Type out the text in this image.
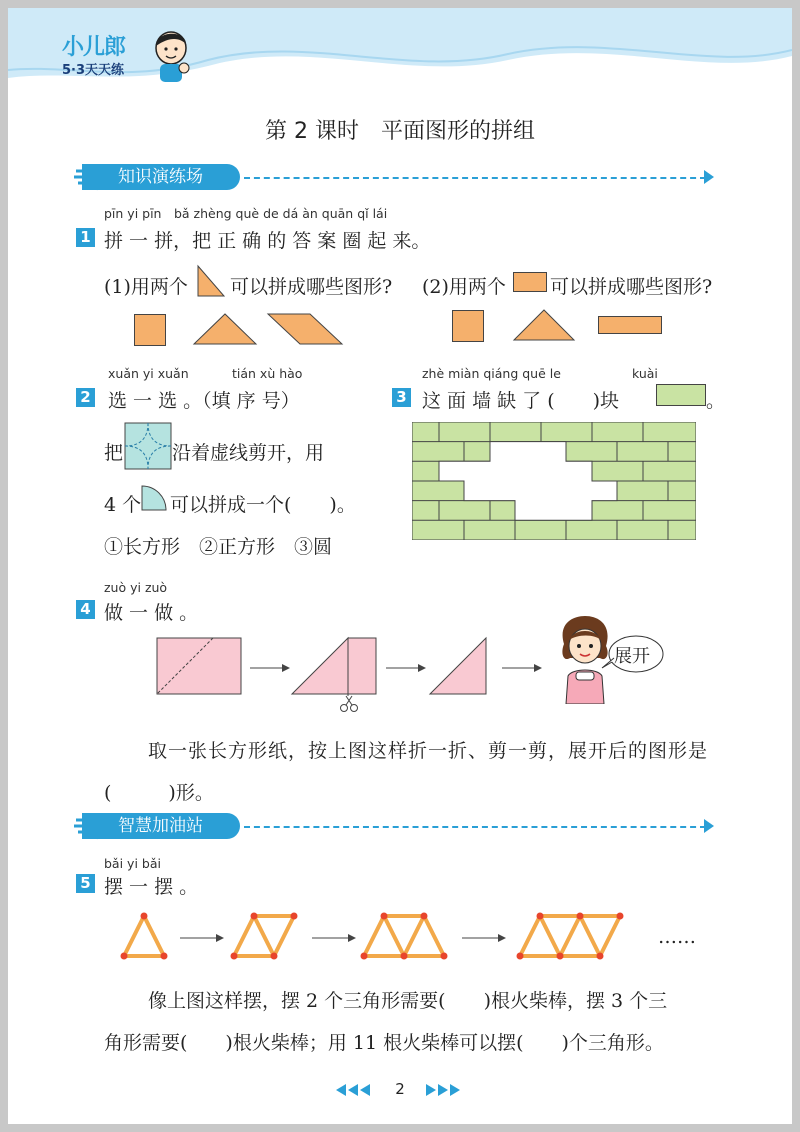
小儿郎
5·3天天练
第 2 课时　平面图形的拼组
知识演练场
pīn yi pīn　bǎ zhèng què de dá àn quān qǐ lái
1 拼 一 拼，把 正 确 的 答 案 圈 起 来。
(1)用两个 可以拼成哪些图形? (2)用两个 可以拼成哪些图形?
xuǎn yi xuǎn	tián xù hào
2 选 一 选 。（填 序 号）
把	沿着虚线剪开，用
4 个 可以拼成一个(　　)。
①长方形　②正方形　③圆
zhè miàn qiáng quē le	kuài
3 这 面 墙 缺 了 (　　)块	。
zuò yi zuò
4 做 一 做 。
展开
取一张长方形纸，按上图这样折一折、剪一剪，展开后的图形是
(　　　)形。
智慧加油站
bǎi yi bǎi
5 摆 一 摆 。
……
像上图这样摆，摆 2 个三角形需要(　　)根火柴棒，摆 3 个三
角形需要(　　)根火柴棒；用 11 根火柴棒可以摆(　　)个三角形。
2
